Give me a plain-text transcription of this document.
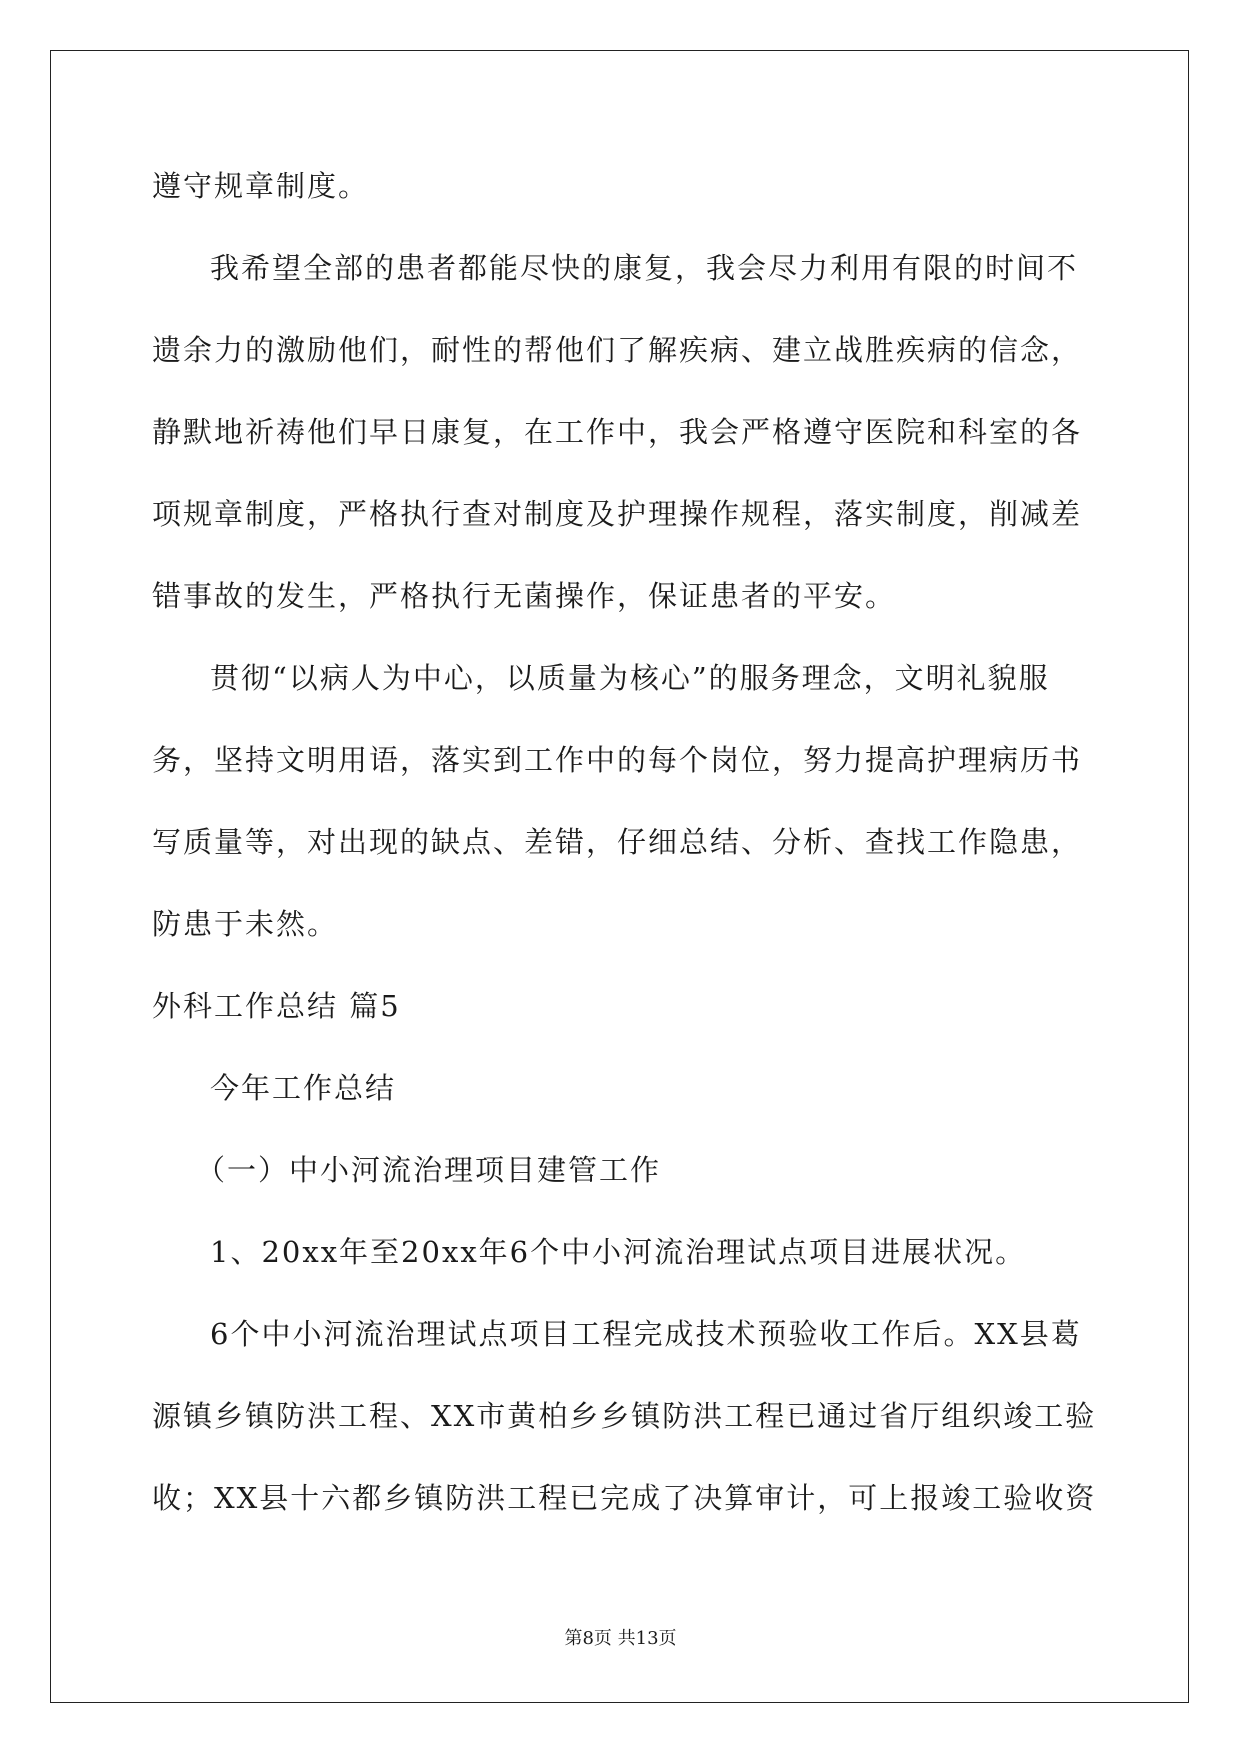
遵守规章制度。
我希望全部的患者都能尽快的康复，我会尽力利用有限的时间不
遗余力的激励他们，耐性的帮他们了解疾病、建立战胜疾病的信念，
静默地祈祷他们早日康复，在工作中，我会严格遵守医院和科室的各
项规章制度，严格执行查对制度及护理操作规程，落实制度，削减差
错事故的发生，严格执行无菌操作，保证患者的平安。
贯彻“以病人为中心，以质量为核心”的服务理念，文明礼貌服
务，坚持文明用语，落实到工作中的每个岗位，努力提高护理病历书
写质量等，对出现的缺点、差错，仔细总结、分析、查找工作隐患，
防患于未然。
外科工作总结 篇5
今年工作总结
（一）中小河流治理项目建管工作
1、20xx年至20xx年6个中小河流治理试点项目进展状况。
6个中小河流治理试点项目工程完成技术预验收工作后。XX县葛
源镇乡镇防洪工程、XX市黄柏乡乡镇防洪工程已通过省厅组织竣工验
收；XX县十六都乡镇防洪工程已完成了决算审计，可上报竣工验收资
第8页 共13页
